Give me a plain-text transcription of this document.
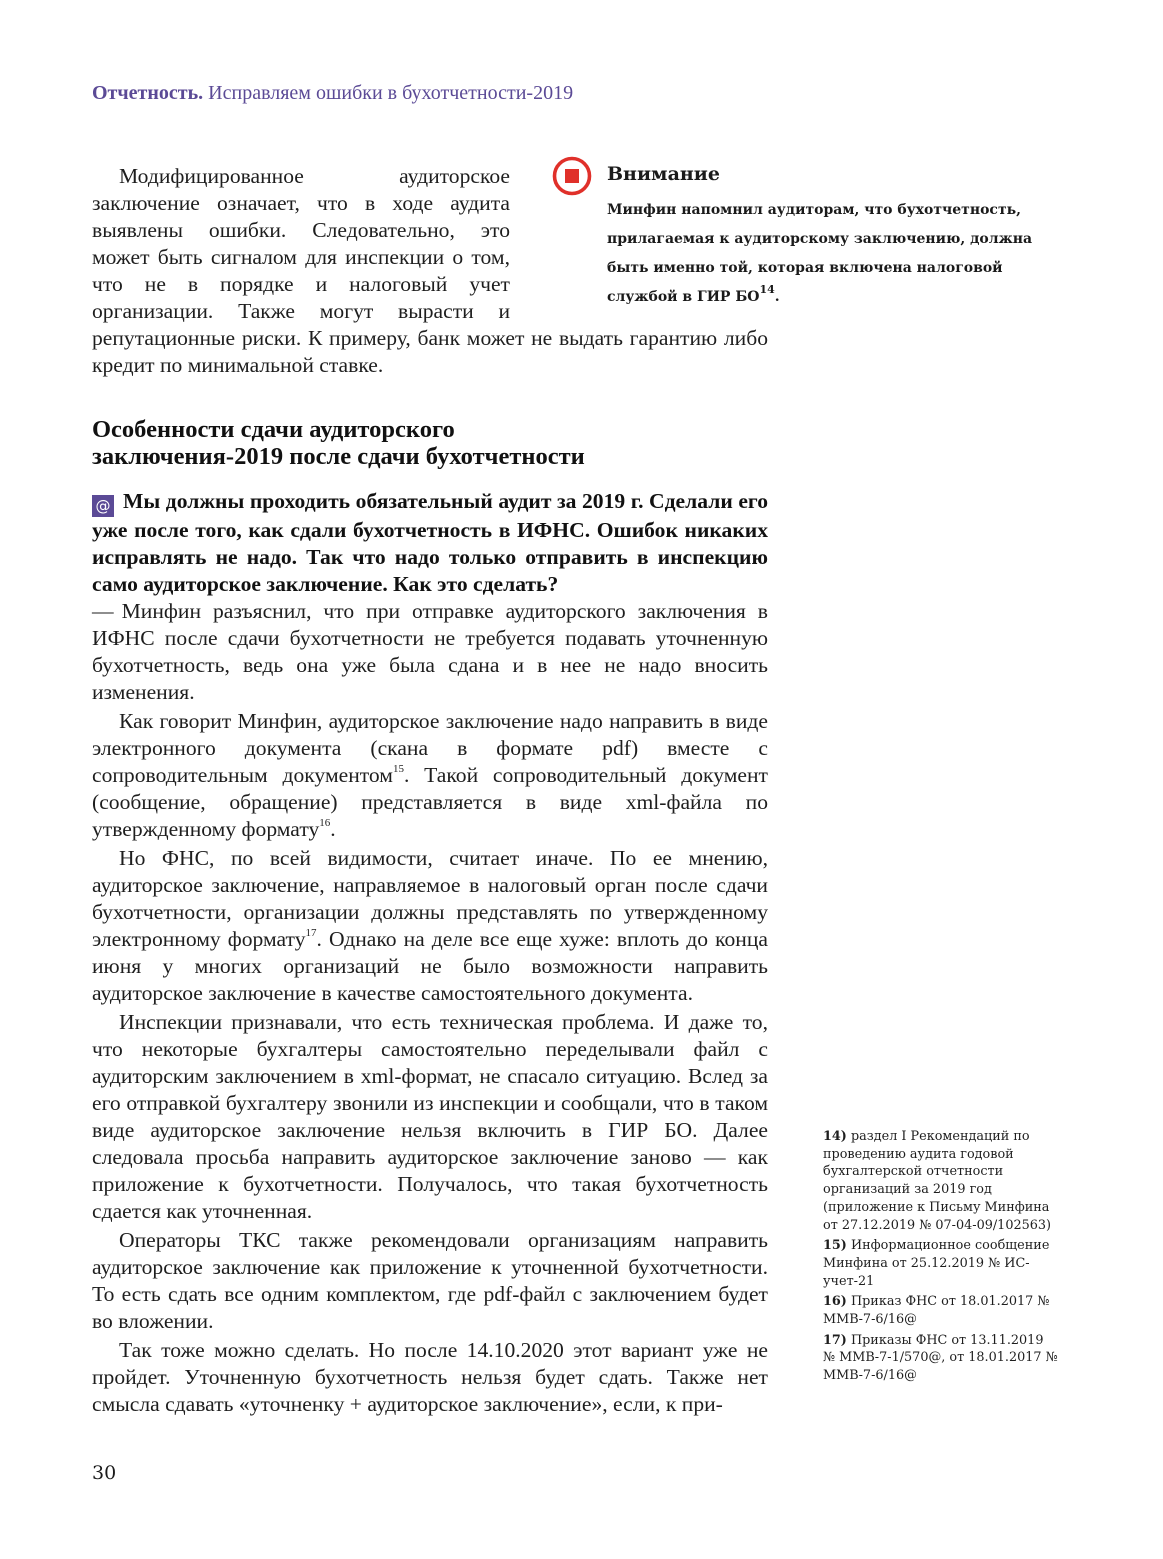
Отчетность. Исправляем ошибки в бухотчетности-2019

Модифицированное аудиторское заключение означает, что в ходе аудита выявлены ошибки. Следовательно, это может быть сигналом для инспекции о том, что не в порядке и налоговый учет организации. Также могут вырасти и репутационные риски. К примеру, банк может не выдать гарантию либо кредит по минимальной ставке.

Внимание
Минфин напомнил аудиторам, что бухотчетность, прилагаемая к аудиторскому заключению, должна быть именно той, которая включена налоговой службой в ГИР БО$^{14}$.
Особенности сдачи аудиторского
заключения-2019 после сдачи бухотчетности

@ Мы должны проходить обязательный аудит за 2019 г. Сделали его уже после того, как сдали бухотчетность в ИФНС. Ошибок никаких исправлять не надо. Так что надо только отправить в инспекцию само аудиторское заключение. Как это сделать?

— Минфин разъяснил, что при отправке аудиторского заключения в ИФНС после сдачи бухотчетности не требуется подавать уточненную бухотчетность, ведь она уже была сдана и в нее не надо вносить изменения.

Как говорит Минфин, аудиторское заключение надо направить в виде электронного документа (скана в формате pdf) вместе с сопроводительным документом$^{15}$. Такой сопроводительный документ (сообщение, обращение) представляется в виде xml-файла по утвержденному формату$^{16}$.

Но ФНС, по всей видимости, считает иначе. По ее мнению, аудиторское заключение, направляемое в налоговый орган после сдачи бухотчетности, организации должны представлять по утвержденному электронному формату$^{17}$. Однако на деле все еще хуже: вплоть до конца июня у многих организаций не было возможности направить аудиторское заключение в качестве самостоятельного документа.

Инспекции признавали, что есть техническая проблема. И даже то, что некоторые бухгалтеры самостоятельно переделывали файл с аудиторским заключением в xml-формат, не спасало ситуацию. Вслед за его отправкой бухгалтеру звонили из инспекции и сообщали, что в таком виде аудиторское заключение нельзя включить в ГИР БО. Далее следовала просьба направить аудиторское заключение заново — как приложение к бухотчетности. Получалось, что такая бухотчетность сдается как уточненная.

Операторы ТКС также рекомендовали организациям направить аудиторское заключение как приложение к уточненной бухотчетности. То есть сдать все одним комплектом, где pdf-файл с заключением будет во вложении.

Так тоже можно сделать. Но после 14.10.2020 этот вариант уже не пройдет. Уточненную бухотчетность нельзя будет сдать. Также нет смысла сдавать «уточненку + аудиторское заключение», если, к при-

14) раздел I Рекомендаций по проведению аудита годовой бухгалтерской отчетности организаций за 2019 год (приложение к Письму Минфина от 27.12.2019 № 07-04-09/102563)

15) Информационное сообщение Минфина от 25.12.2019 № ИС-учет-21

16) Приказ ФНС от 18.01.2017 № ММВ-7-6/16@

17) Приказы ФНС от 13.11.2019 № ММВ-7-1/570@, от 18.01.2017 № ММВ-7-6/16@

30
